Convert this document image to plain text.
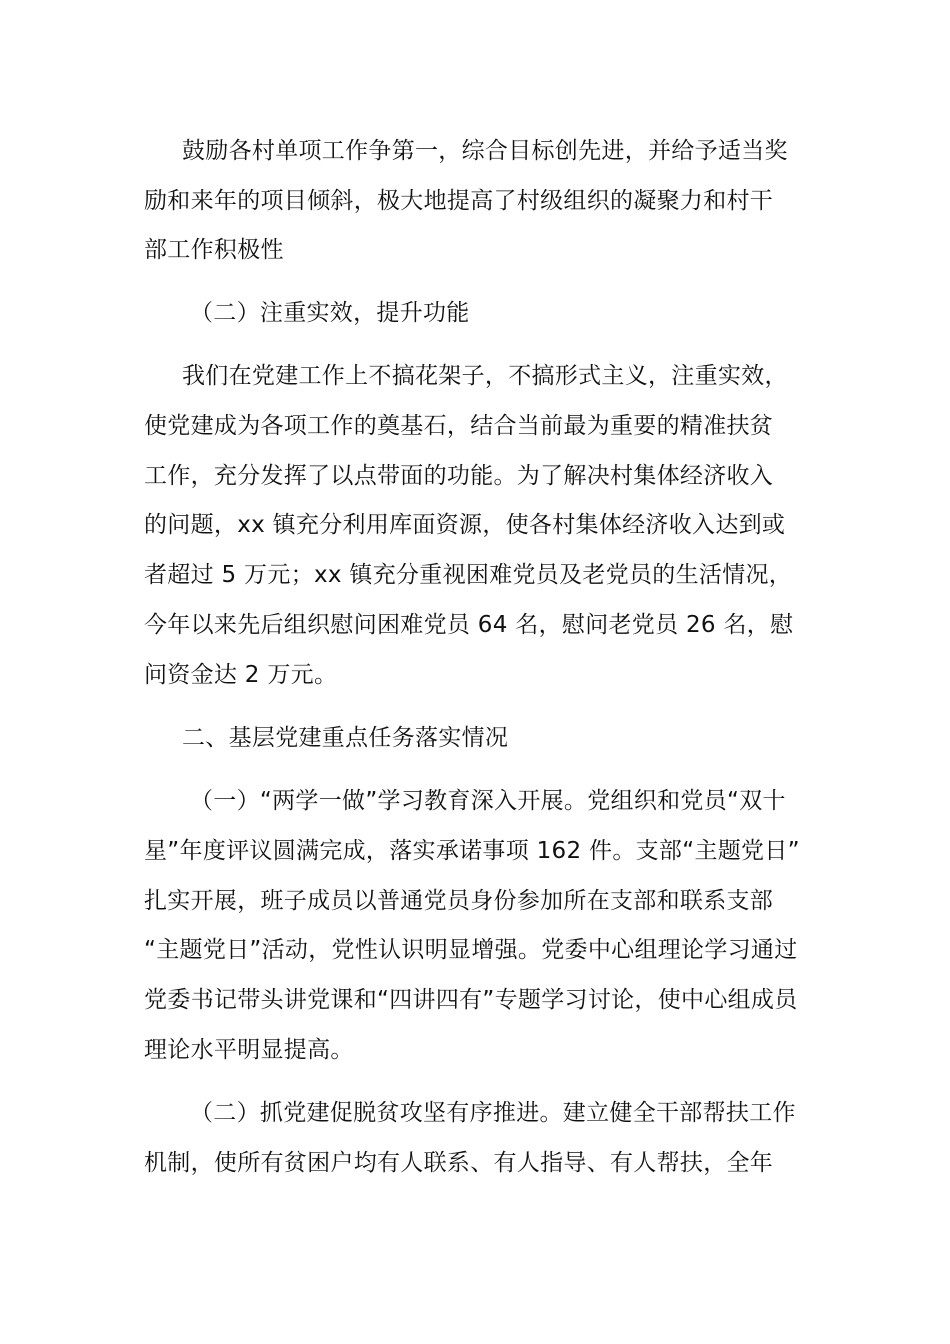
鼓励各村单项工作争第一，综合目标创先进，并给予适当奖
励和来年的项目倾斜，极大地提高了村级组织的凝聚力和村干
部工作积极性
（二）注重实效，提升功能
我们在党建工作上不搞花架子，不搞形式主义，注重实效，
使党建成为各项工作的奠基石，结合当前最为重要的精准扶贫
工作，充分发挥了以点带面的功能。为了解决村集体经济收入
的问题，xx 镇充分利用库面资源，使各村集体经济收入达到或
者超过 5 万元；xx 镇充分重视困难党员及老党员的生活情况，
今年以来先后组织慰问困难党员 64 名，慰问老党员 26 名，慰
问资金达 2 万元。
二、基层党建重点任务落实情况
（一）“两学一做”学习教育深入开展。党组织和党员“双十
星”年度评议圆满完成，落实承诺事项 162 件。支部“主题党日”
扎实开展，班子成员以普通党员身份参加所在支部和联系支部
“主题党日”活动，党性认识明显增强。党委中心组理论学习通过
党委书记带头讲党课和“四讲四有”专题学习讨论，使中心组成员
理论水平明显提高。
（二）抓党建促脱贫攻坚有序推进。建立健全干部帮扶工作
机制，使所有贫困户均有人联系、有人指导、有人帮扶，全年
